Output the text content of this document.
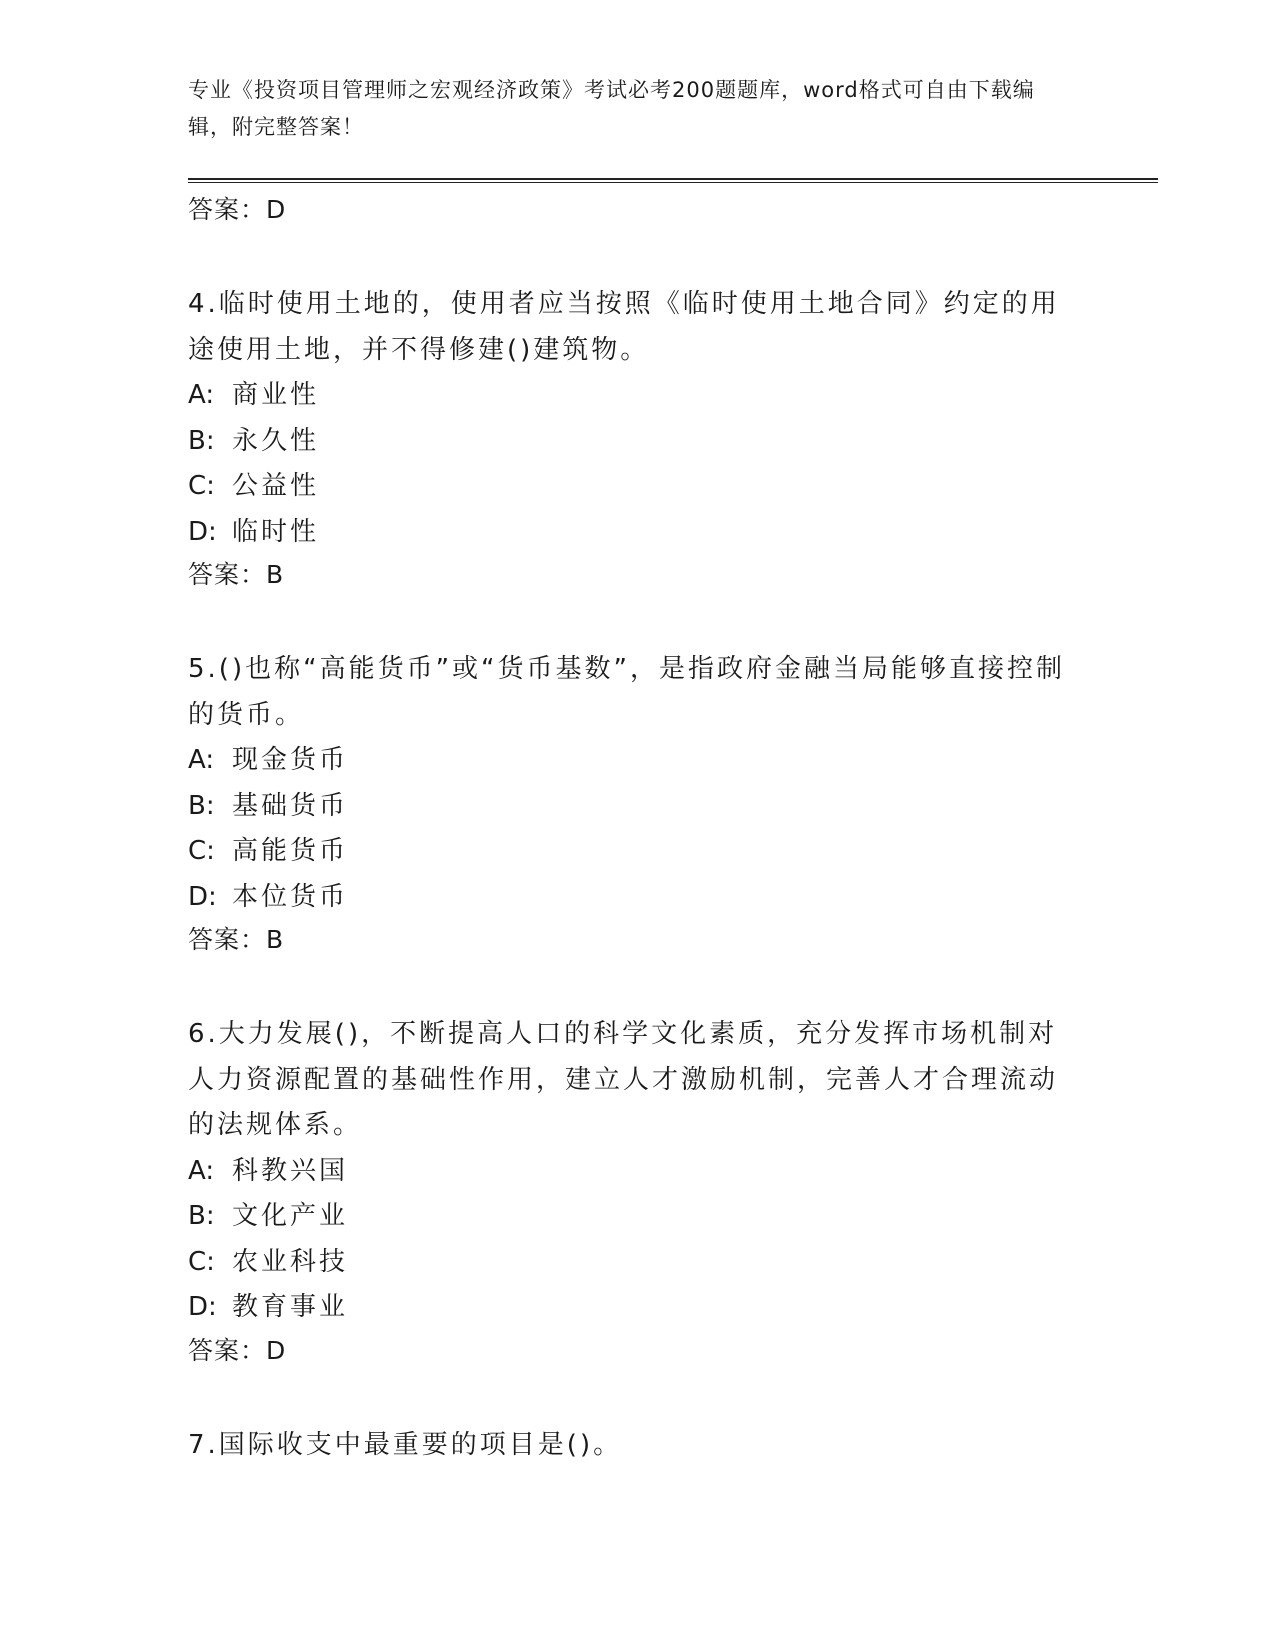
专业《投资项目管理师之宏观经济政策》考试必考200题题库，word格式可自由下载编辑，附完整答案！

答案：D

4.临时使用土地的，使用者应当按照《临时使用土地合同》约定的用途使用土地，并不得修建()建筑物。

A: 商业性

B: 永久性

C: 公益性

D: 临时性

答案：B

5.()也称“高能货币”或“货币基数”，是指政府金融当局能够直接控制的货币。

A: 现金货币

B: 基础货币

C: 高能货币

D: 本位货币

答案：B

6.大力发展()，不断提高人口的科学文化素质，充分发挥市场机制对人力资源配置的基础性作用，建立人才激励机制，完善人才合理流动的法规体系。

A: 科教兴国

B: 文化产业

C: 农业科技

D: 教育事业

答案：D

7.国际收支中最重要的项目是()。
